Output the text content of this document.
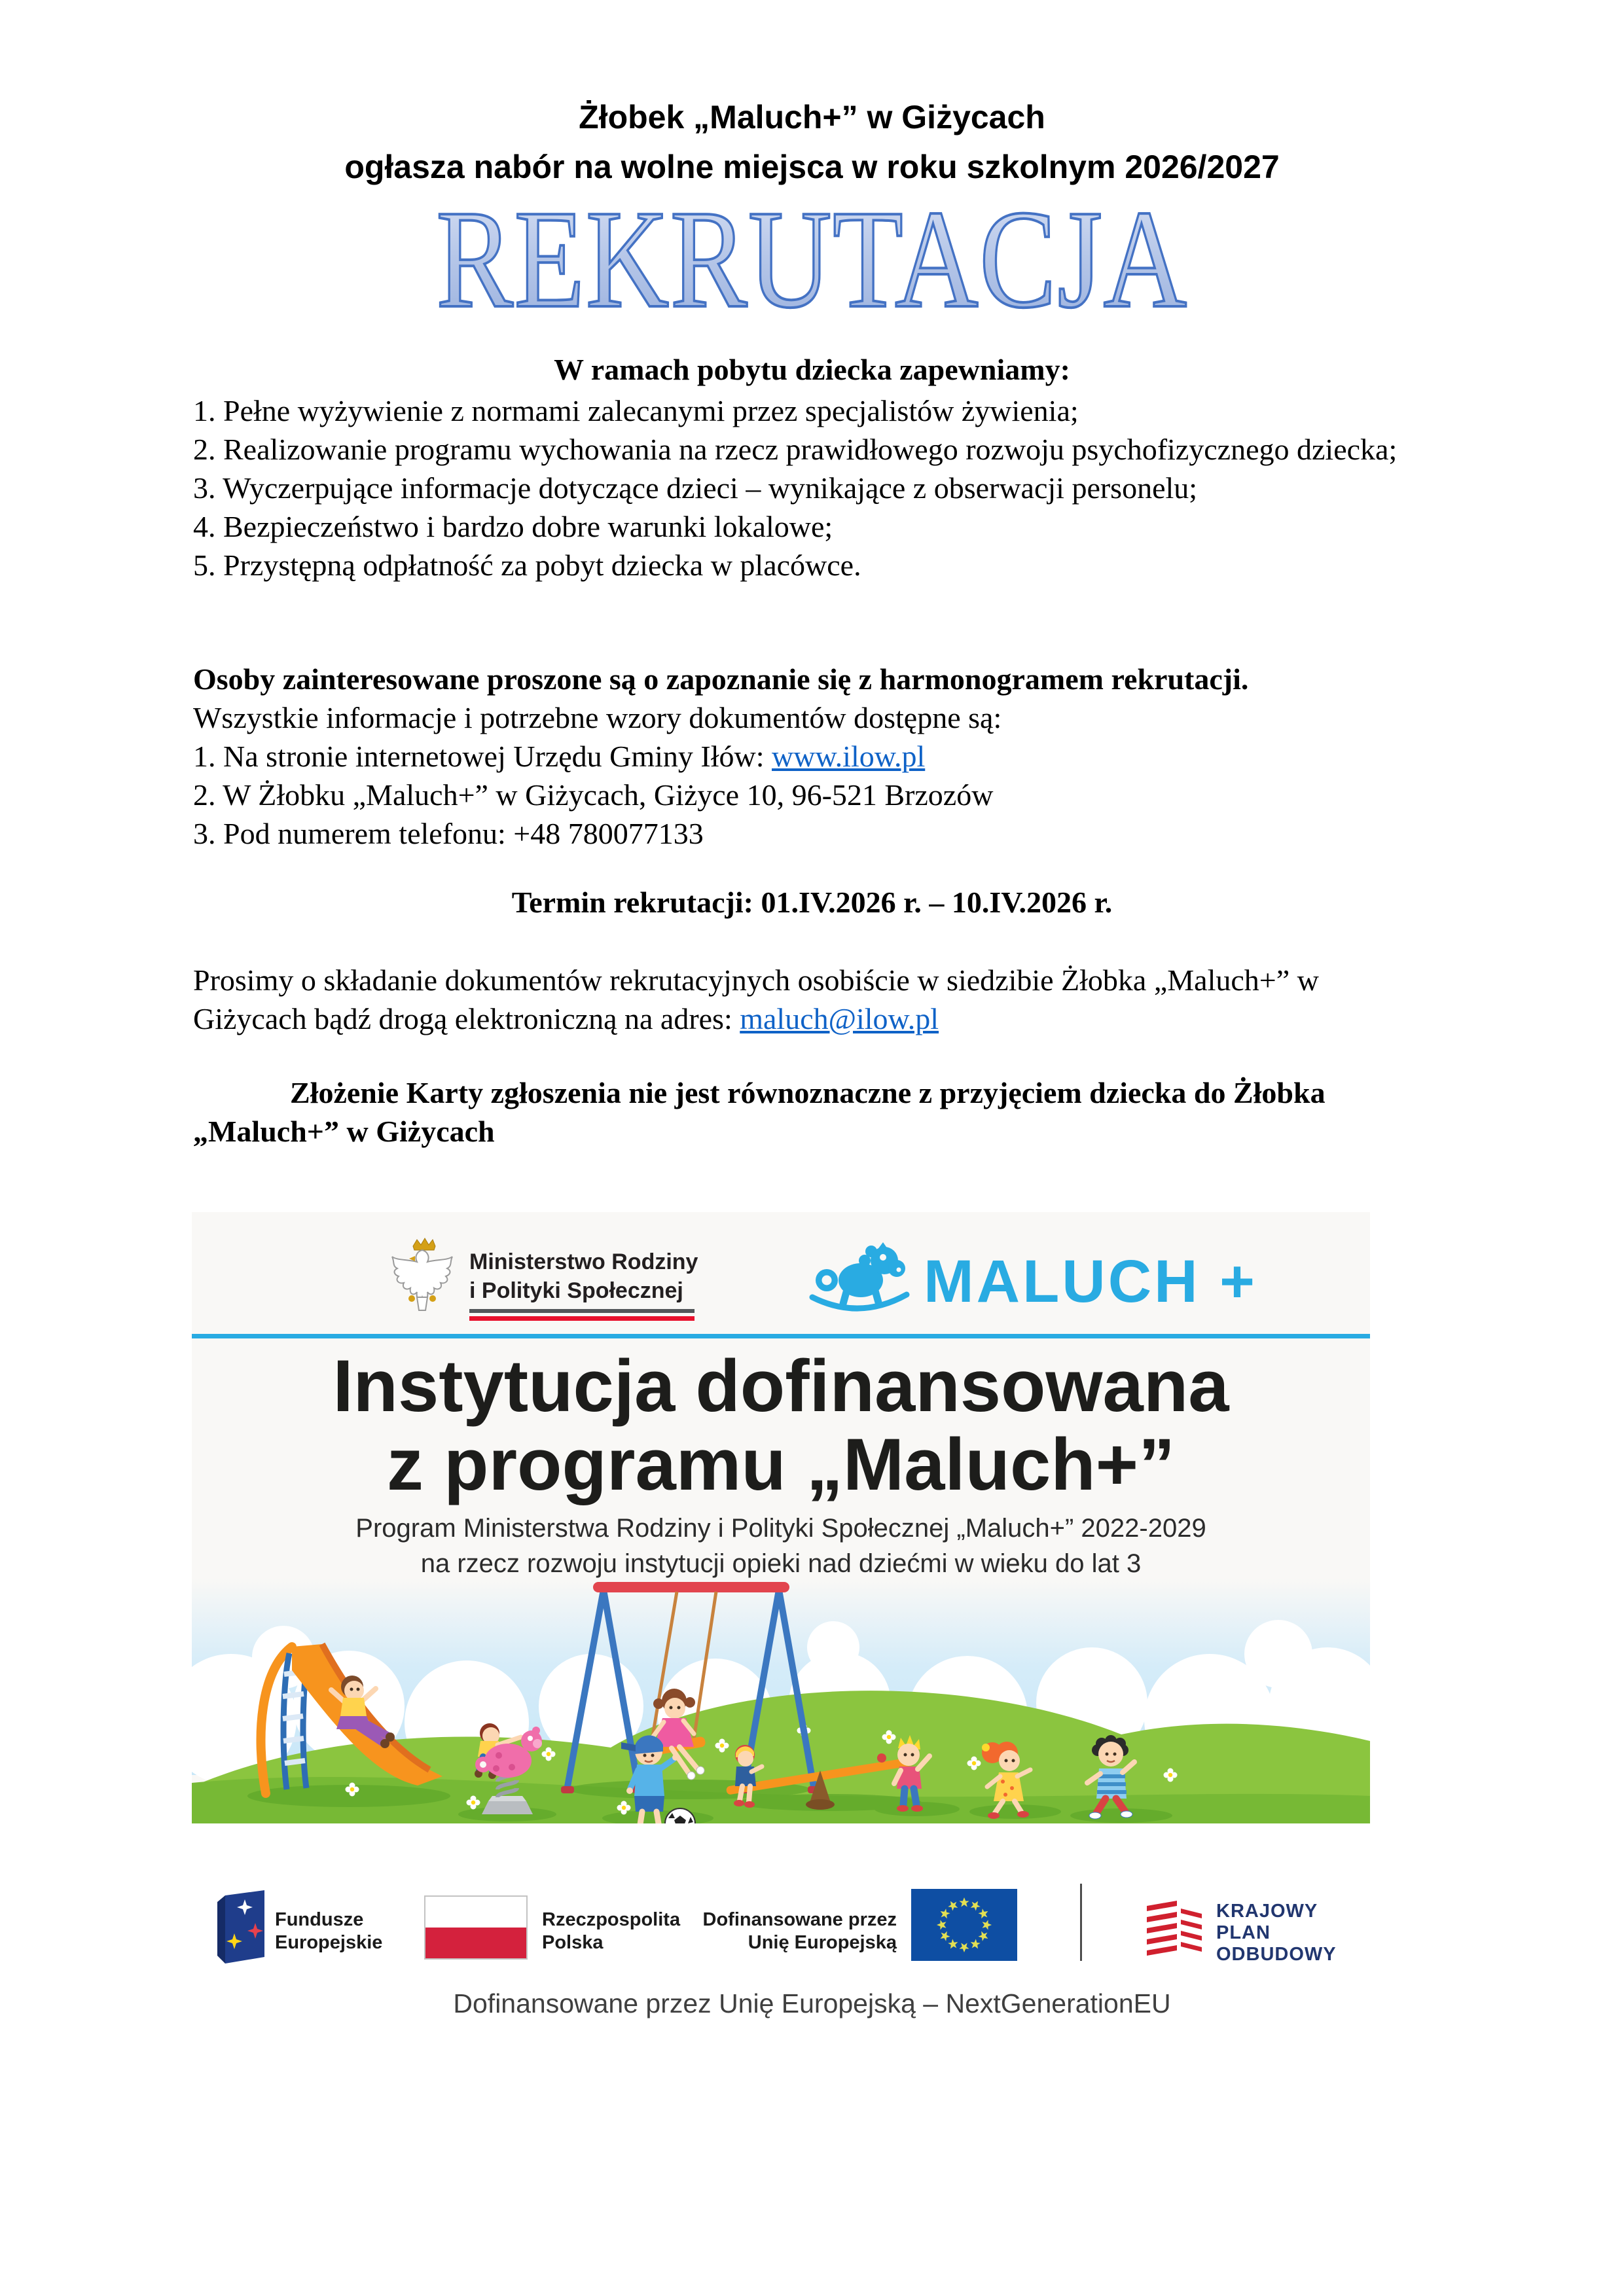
Żłobek „Maluch+” w Giżycach
ogłasza nabór na wolne miejsca w roku szkolnym 2026/2027
REKRUTACJA
W ramach pobytu dziecka zapewniamy:
1. Pełne wyżywienie z normami zalecanymi przez specjalistów żywienia;
2. Realizowanie programu wychowania na rzecz prawidłowego rozwoju psychofizycznego dziecka;
3. Wyczerpujące informacje dotyczące dzieci – wynikające z obserwacji personelu;
4. Bezpieczeństwo i bardzo dobre warunki lokalowe;
5. Przystępną odpłatność za pobyt dziecka w placówce.
Osoby zainteresowane proszone są o zapoznanie się z harmonogramem rekrutacji.
Wszystkie informacje i potrzebne wzory dokumentów dostępne są:
1. Na stronie internetowej Urzędu Gminy Iłów: www.ilow.pl
2. W Żłobku „Maluch+” w Giżycach, Giżyce 10, 96-521 Brzozów
3. Pod numerem telefonu: +48 780077133
Termin rekrutacji: 01.IV.2026 r. – 10.IV.2026 r.
Prosimy o składanie dokumentów rekrutacyjnych osobiście w siedzibie Żłobka „Maluch+” w Giżycach bądź drogą elektroniczną na adres: maluch@ilow.pl
Złożenie Karty zgłoszenia nie jest równoznaczne z przyjęciem dziecka do Żłobka „Maluch+” w Giżycach
Ministerstwo Rodziny
i Polityki Społecznej	MALUCH +
Instytucja dofinansowana
z programu „Maluch+”
Program Ministerstwa Rodziny i Polityki Społecznej „Maluch+” 2022-2029
na rzecz rozwoju instytucji opieki nad dziećmi w wieku do lat 3
Fundusze
Europejskie
Rzeczpospolita
Polska
Dofinansowane przez
Unię Europejską
KRAJOWY
PLAN
ODBUDOWY
Dofinansowane przez Unię Europejską – NextGenerationEU
